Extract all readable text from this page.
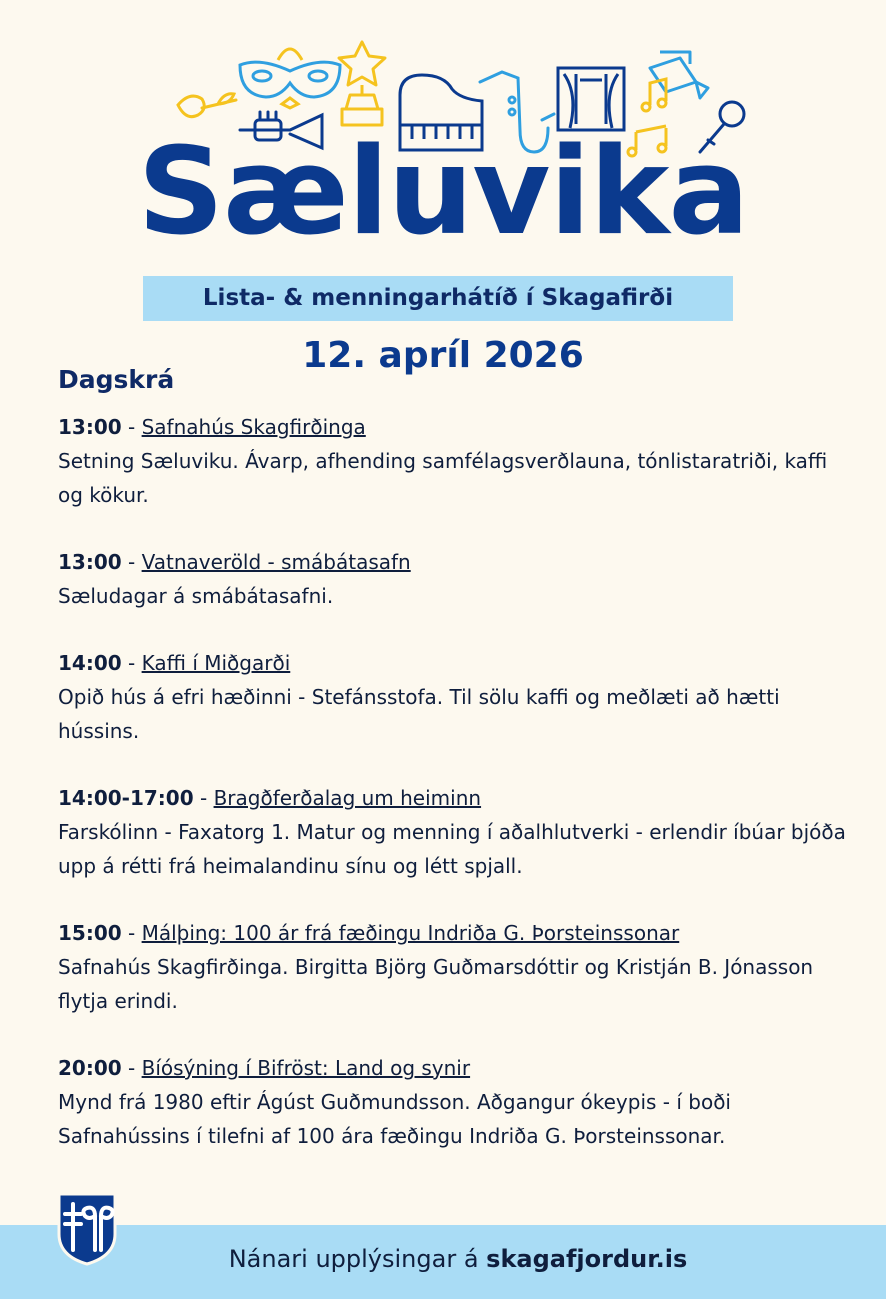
Sæluvika
Lista- & menningarhátíð í Skagafirði
12. apríl 2026
Dagskrá
13:00 - Safnahús Skagfirðinga
Setning Sæluviku. Ávarp, afhending samfélagsverðlauna, tónlistaratriði, kaffi og kökur.
13:00 - Vatnaveröld - smábátasafn
Sæludagar á smábátasafni.
14:00 - Kaffi í Miðgarði
Opið hús á efri hæðinni - Stefánsstofa. Til sölu kaffi og meðlæti að hætti hússins.
14:00-17:00 - Bragðferðalag um heiminn
Farskólinn - Faxatorg 1. Matur og menning í aðalhlutverki - erlendir íbúar bjóða upp á rétti frá heimalandinu sínu og létt spjall.
15:00 - Málþing: 100 ár frá fæðingu Indriða G. Þorsteinssonar
Safnahús Skagfirðinga. Birgitta Björg Guðmarsdóttir og Kristján B. Jónasson flytja erindi.
20:00 - Bíósýning í Bifröst: Land og synir
Mynd frá 1980 eftir Ágúst Guðmundsson. Aðgangur ókeypis - í boði Safnahússins í tilefni af 100 ára fæðingu Indriða G. Þorsteinssonar.
Nánari upplýsingar á skagafjordur.is
